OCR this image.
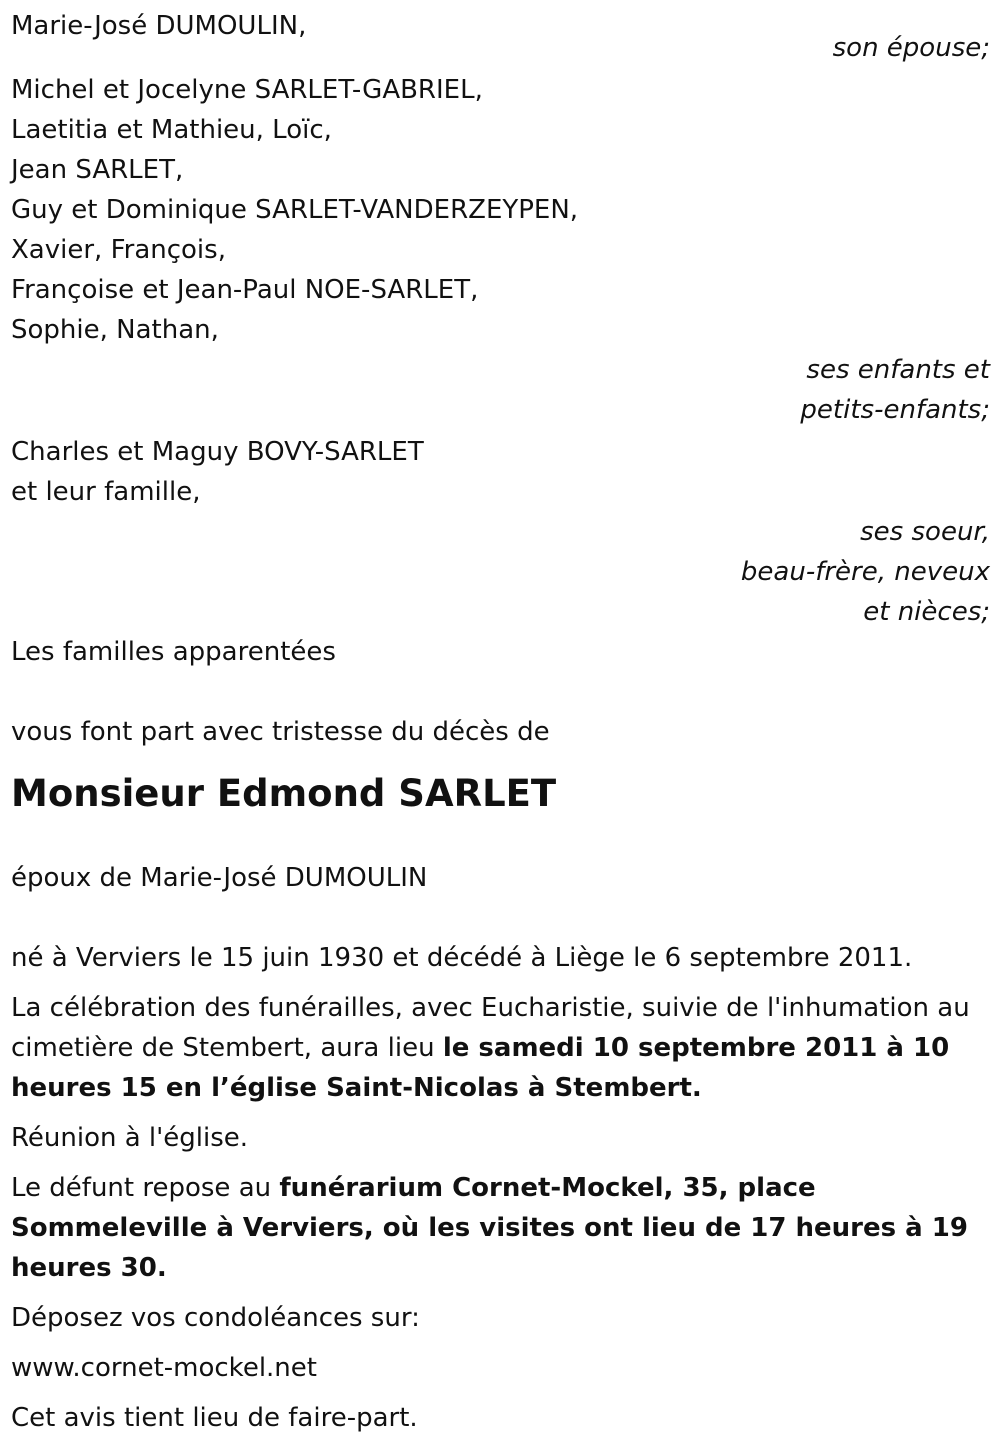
Marie-José DUMOULIN,
son épouse;
Michel et Jocelyne SARLET-GABRIEL,
Laetitia et Mathieu, Loïc,
Jean SARLET,
Guy et Dominique SARLET-VANDERZEYPEN,
Xavier, François,
Françoise et Jean-Paul NOE-SARLET,
Sophie, Nathan,
ses enfants et
petits-enfants;
Charles et Maguy BOVY-SARLET
et leur famille,
ses soeur,
beau-frère, neveux
et nièces;
Les familles apparentées
vous font part avec tristesse du décès de
Monsieur Edmond SARLET
époux de Marie-José DUMOULIN
né à Verviers le 15 juin 1930 et décédé à Liège le 6 septembre 2011.

La célébration des funérailles, avec Eucharistie, suivie de l'inhumation au cimetière de Stembert, aura lieu le samedi 10 septembre 2011 à 10 heures 15 en l’église Saint-Nicolas à Stembert.

Réunion à l'église.

Le défunt repose au funérarium Cornet-Mockel, 35, place Sommeleville à Verviers, où les visites ont lieu de 17 heures à 19 heures 30.

Déposez vos condoléances sur:

www.cornet-mockel.net

Cet avis tient lieu de faire-part.
